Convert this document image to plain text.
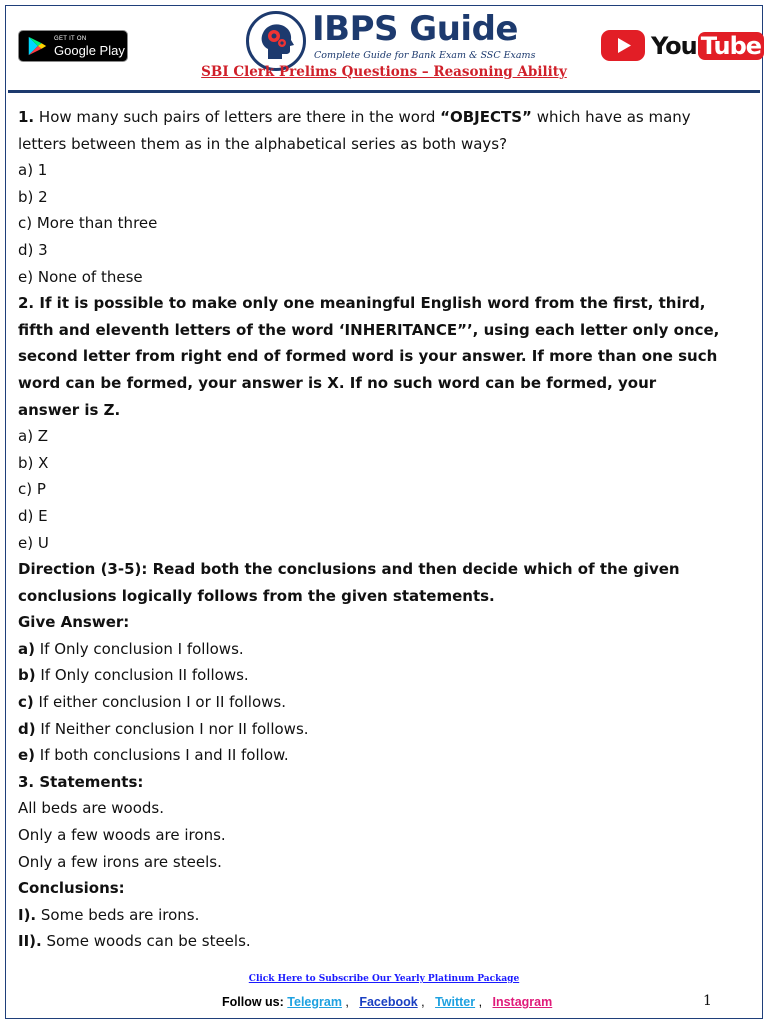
GET IT ON
Google Play
IBPS Guide
Complete Guide for Bank Exam & SSC Exams	You Tube
SBI Clerk Prelims Questions – Reasoning Ability
1. How many such pairs of letters are there in the word “OBJECTS” which have as many
letters between them as in the alphabetical series as both ways?
a) 1
b) 2
c) More than three
d) 3
e) None of these
2. If it is possible to make only one meaningful English word from the first, third,
fifth and eleventh letters of the word ‘INHERITANCE”’, using each letter only once,
second letter from right end of formed word is your answer. If more than one such
word can be formed, your answer is X. If no such word can be formed, your
answer is Z.
a) Z
b) X
c) P
d) E
e) U
Direction (3-5): Read both the conclusions and then decide which of the given
conclusions logically follows from the given statements.
Give Answer:
a) If Only conclusion I follows.
b) If Only conclusion II follows.
c) If either conclusion I or II follows.
d) If Neither conclusion I nor II follows.
e) If both conclusions I and II follow.
3. Statements:
All beds are woods.
Only a few woods are irons.
Only a few irons are steels.
Conclusions:
I). Some beds are irons.
II). Some woods can be steels.
Click Here to Subscribe Our Yearly Platinum Package
Follow us: Telegram ,   Facebook ,   Twitter ,   Instagram	1
